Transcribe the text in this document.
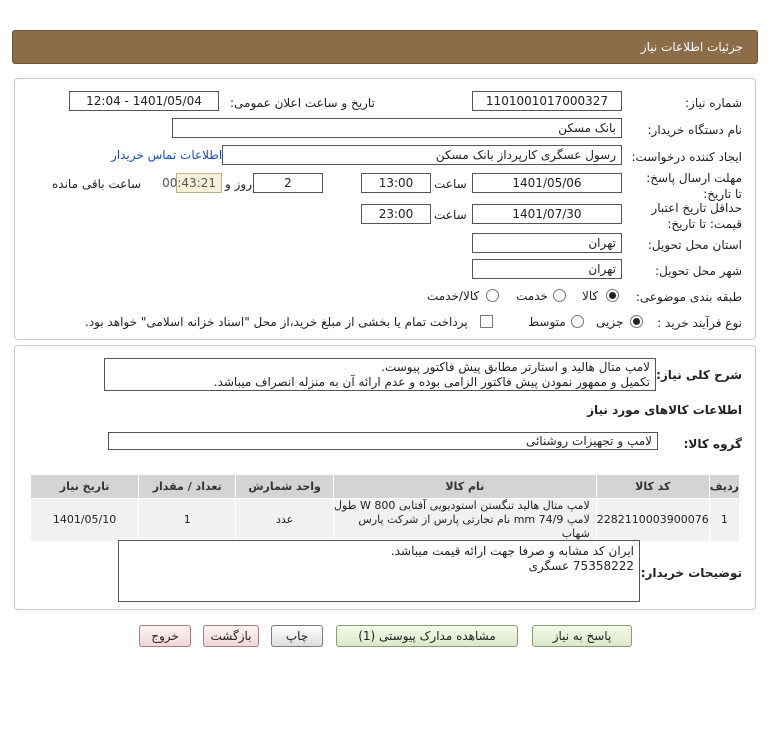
جزئیات اطلاعات نیاز
شماره نیاز:
1101001017000327
تاریخ و ساعت اعلان عمومی:
1401/05/04 - 12:04
نام دستگاه خریدار:
بانک مسکن
ایجاد کننده درخواست:
رسول عسگری کارپرداز بانک مسکن
اطلاعات تماس خریدار
مهلت ارسال پاسخ: تا تاریخ:
1401/05/06
ساعت
13:00
2
روز و
00:43:21
ساعت باقی مانده
حداقل تاریخ اعتبار قیمت: تا تاریخ:
1401/07/30
ساعت
23:00
استان محل تحویل:
تهران
شهر محل تحویل:
تهران
طبقه بندی موضوعی:
کالا
خدمت
کالا/خدمت
نوع فرآیند خرید :
جزیی
متوسط
پرداخت تمام یا بخشی از مبلغ خرید،از محل "اسناد خزانه اسلامی" خواهد بود.
شرح کلی نیاز:
لامپ متال هالید و استارتر مطابق پیش فاکتور پیوست.
تکمیل و ممهور نمودن پیش فاکتور الزامی بوده و عدم ارائه آن به منزله انصراف میباشد.
اطلاعات کالاهای مورد نیاز
گروه کالا:
لامپ و تجهیزات روشنائی
ردیف	کد کالا	نام کالا	واحد شمارش	تعداد / مقدار	تاریخ نیاز
1	2282110003900076	لامپ متال هالید تنگستن استودیویی آفتابی W 800 طول
لامپ mm 74/9 نام تجارتی پارس از شرکت پارس شهاب	عدد	1	1401/05/10
توضیحات خریدار:
ایران کد مشابه و صرفا جهت ارائه قیمت میباشد.
75358222 عسگری
پاسخ به نیاز
مشاهده مدارک پیوستی (1)
چاپ
بازگشت
خروج
